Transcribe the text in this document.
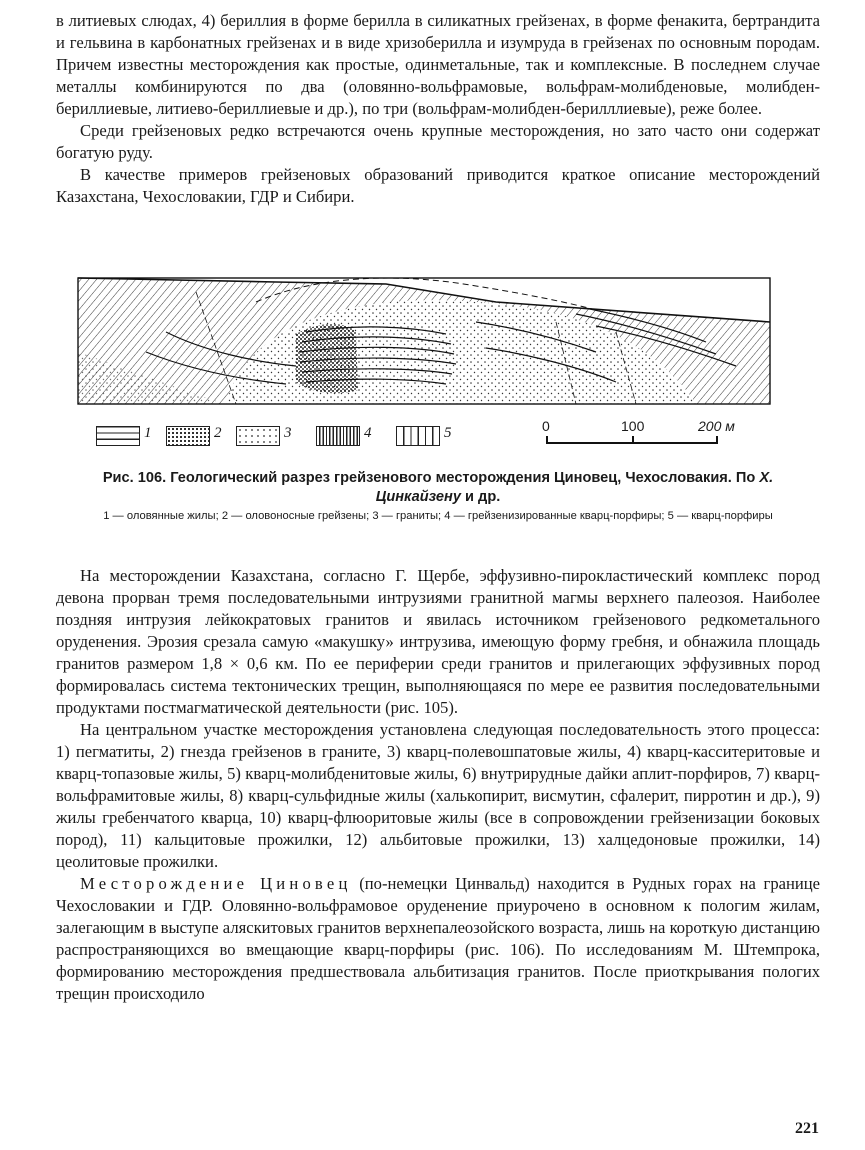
в литиевых слюдах, 4) бериллия в форме берилла в силикатных грейзенах, в форме фенакита, бертрандита и гельвина в карбонатных грейзенах и в виде хризоберилла и изумруда в грейзенах по основным породам. Причем известны месторождения как простые, одинметальные, так и комплексные. В последнем случае металлы комбинируются по два (оловянно-вольфрамовые, вольфрам-молибденовые, молибден-бериллиевые, литиево-бериллиевые и др.), по три (вольфрам-молибден-берилллиевые), реже более.

Среди грейзеновых редко встречаются очень крупные месторождения, но зато часто они содержат богатую руду.

В качестве примеров грейзеновых образований приводится краткое описание месторождений Казахстана, Чехословакии, ГДР и Сибири.

1	2	3	4	5	0	100	200 м
Рис. 106. Геологический разрез грейзенового месторождения Циновец, Чехословакия. По Х. Цинкайзену и др.
1 — оловянные жилы; 2 — оловоносные грейзены; 3 — граниты; 4 — грейзенизированные кварц-порфиры; 5 — кварц-порфиры

На месторождении Казахстана, согласно Г. Щербе, эффузивно-пирокластический комплекс пород девона прорван тремя последовательными интрузиями гранитной магмы верхнего палеозоя. Наиболее поздняя интрузия лейкократовых гранитов и явилась источником грейзенового редкометального оруденения. Эрозия срезала самую «макушку» интрузива, имеющую форму гребня, и обнажила площадь гранитов размером 1,8 × 0,6 км. По ее периферии среди гранитов и прилегающих эффузивных пород формировалась система тектонических трещин, выполняющаяся по мере ее развития последовательными продуктами постмагматической деятельности (рис. 105).

На центральном участке месторождения установлена следующая последовательность этого процесса: 1) пегматиты, 2) гнезда грейзенов в граните, 3) кварц-полевошпатовые жилы, 4) кварц-касситеритовые и кварц-топазовые жилы, 5) кварц-молибденитовые жилы, 6) внутрирудные дайки аплит-порфиров, 7) кварц-вольфрамитовые жилы, 8) кварц-сульфидные жилы (халькопирит, висмутин, сфалерит, пирротин и др.), 9) жилы гребенчатого кварца, 10) кварц-флюоритовые жилы (все в сопровождении грейзенизации боковых пород), 11) кальцитовые прожилки, 12) альбитовые прожилки, 13) халцедоновые прожилки, 14) цеолитовые прожилки.

Месторождение Циновец (по-немецки Цинвальд) находится в Рудных горах на границе Чехословакии и ГДР. Оловянно-вольфрамовое оруденение приурочено в основном к пологим жилам, залегающим в выступе аляскитовых гранитов верхнепалеозойского возраста, лишь на короткую дистанцию распространяющихся во вмещающие кварц-порфиры (рис. 106). По исследованиям М. Штемпрока, формированию месторождения предшествовала альбитизация гранитов. После приоткрывания пологих трещин происходило

221
